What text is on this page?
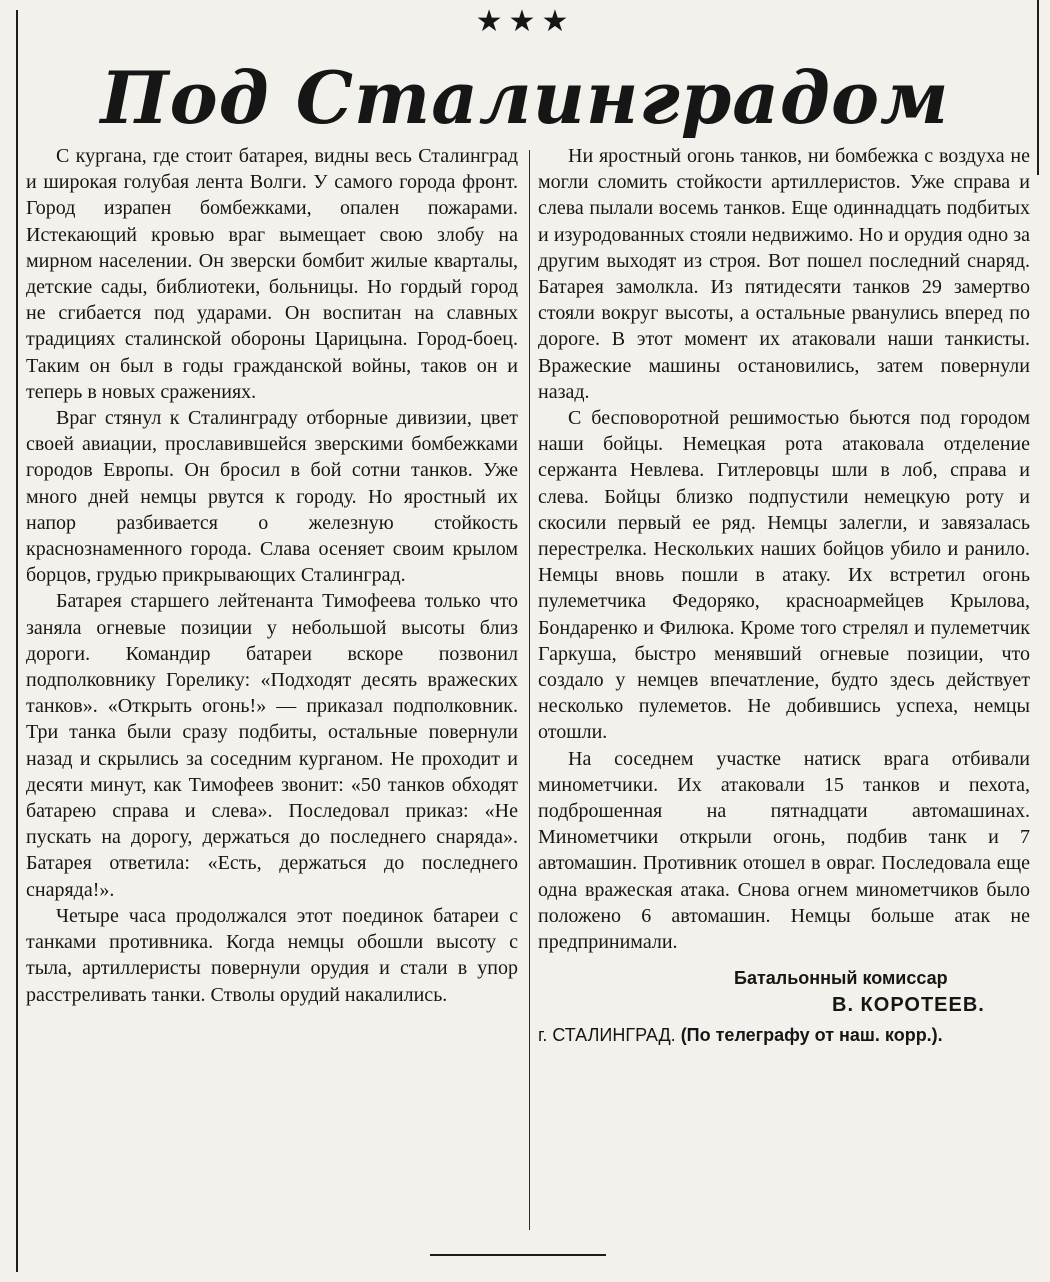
★★★
Под Сталинградом

С кургана, где стоит батарея, видны весь Сталинград и широкая голубая лента Волги. У самого города фронт. Город израпен бомбежками, опален пожарами. Истекающий кровью враг вымещает свою злобу на мирном населении. Он зверски бомбит жилые кварталы, детские сады, библиотеки, больницы. Но гордый город не сгибается под ударами. Он воспитан на славных традициях сталинской обороны Царицына. Город-боец. Таким он был в годы гражданской войны, таков он и теперь в новых сражениях.

Враг стянул к Сталинграду отборные дивизии, цвет своей авиации, прославившейся зверскими бомбежками городов Европы. Он бросил в бой сотни танков. Уже много дней немцы рвутся к городу. Но яростный их напор разбивается о железную стойкость краснознаменного города. Слава осеняет своим крылом борцов, грудью прикрывающих Сталинград.

Батарея старшего лейтенанта Тимофеева только что заняла огневые позиции у небольшой высоты близ дороги. Командир батареи вскоре позвонил подполковнику Горелику: «Подходят десять вражеских танков». «Открыть огонь!» — приказал подполковник. Три танка были сразу подбиты, остальные повернули назад и скрылись за соседним курганом. Не проходит и десяти минут, как Тимофеев звонит: «50 танков обходят батарею справа и слева». Последовал приказ: «Не пускать на дорогу, держаться до последнего снаряда». Батарея ответила: «Есть, держаться до последнего снаряда!».

Четыре часа продолжался этот поединок батареи с танками противника. Когда немцы обошли высоту с тыла, артиллеристы повернули орудия и стали в упор расстреливать танки. Стволы орудий накалились.

Ни яростный огонь танков, ни бомбежка с воздуха не могли сломить стойкости артиллеристов. Уже справа и слева пылали восемь танков. Еще одиннадцать подбитых и изуродованных стояли недвижимо. Но и орудия одно за другим выходят из строя. Вот пошел последний снаряд. Батарея замолкла. Из пятидесяти танков 29 замертво стояли вокруг высоты, а остальные рванулись вперед по дороге. В этот момент их атаковали наши танкисты. Вражеские машины остановились, затем повернули назад.

С бесповоротной решимостью бьются под городом наши бойцы. Немецкая рота атаковала отделение сержанта Невлева. Гитлеровцы шли в лоб, справа и слева. Бойцы близко подпустили немецкую роту и скосили первый ее ряд. Немцы залегли, и завязалась перестрелка. Нескольких наших бойцов убило и ранило. Немцы вновь пошли в атаку. Их встретил огонь пулеметчика Федоряко, красноармейцев Крылова, Бондаренко и Филюка. Кроме того стрелял и пулеметчик Гаркуша, быстро менявший огневые позиции, что создало у немцев впечатление, будто здесь действует несколько пулеметов. Не добившись успеха, немцы отошли.

На соседнем участке натиск врага отбивали минометчики. Их атаковали 15 танков и пехота, подброшенная на пятнадцати автомашинах. Минометчики открыли огонь, подбив танк и 7 автомашин. Противник отошел в овраг. Последовала еще одна вражеская атака. Снова огнем минометчиков было положено 6 автомашин. Немцы больше атак не предпринимали.

Батальонный комиссар
В. КОРОТЕЕВ.
г. СТАЛИНГРАД. (По телеграфу от наш. корр.).
